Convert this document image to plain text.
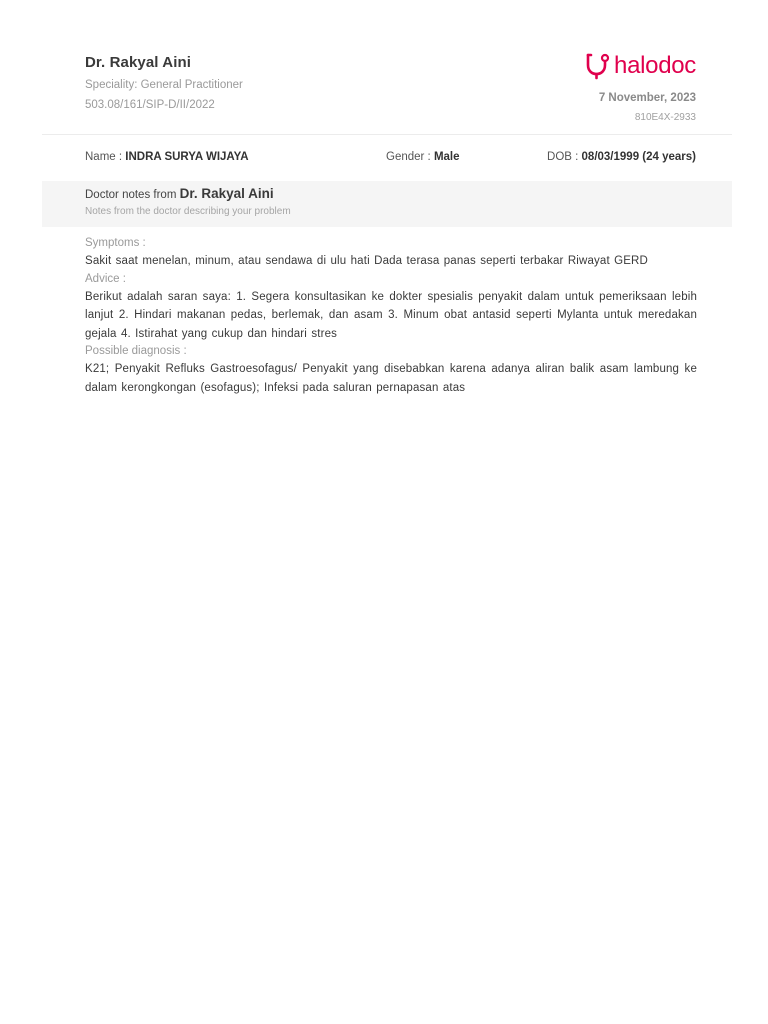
Dr. Rakyal Aini
Speciality: General Practitioner
503.08/161/SIP-D/II/2022
halodoc
7 November, 2023
810E4X-2933
Name : INDRA SURYA WIJAYA	Gender : Male	DOB : 08/03/1999 (24 years)
Doctor notes from Dr. Rakyal Aini
Notes from the doctor describing your problem
Symptoms :
Sakit saat menelan, minum, atau sendawa di ulu hati Dada terasa panas seperti terbakar Riwayat GERD
Advice :
Berikut adalah saran saya: 1. Segera konsultasikan ke dokter spesialis penyakit dalam untuk pemeriksaan lebih lanjut 2. Hindari makanan pedas, berlemak, dan asam 3. Minum obat antasid seperti Mylanta untuk meredakan gejala 4. Istirahat yang cukup dan hindari stres
Possible diagnosis :
K21; Penyakit Refluks Gastroesofagus/ Penyakit yang disebabkan karena adanya aliran balik asam lambung ke dalam kerongkongan (esofagus); Infeksi pada saluran pernapasan atas
